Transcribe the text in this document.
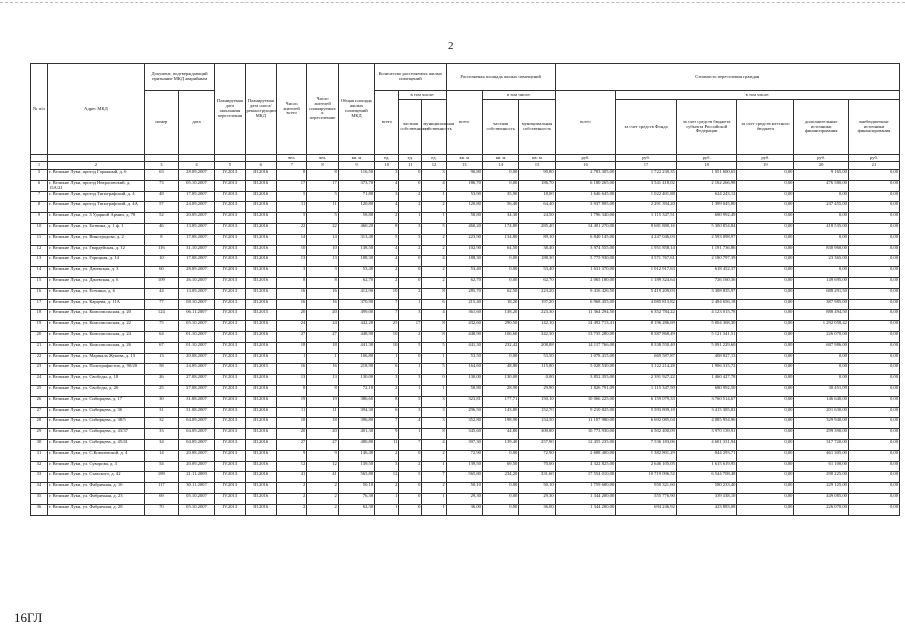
2
№ п/п	Адрес МКД	Документ, подтверждающий признание МКД аварийным		Планируемая дата окончания переселения	Планируемая дата сноса/ реконструкции МКД	Число жителей всего	Число жителей планируемых к переселению	Общая площадь жилых помещений МКД	Количество расселяемых жилых помещений			Расселяемая площадь жилых помещений			Стоимость переселения граждан					
		номер	дата						всего	в том числе:		всего	в том числе:		всего	в том числе:				
										частная собственность	муниципальная собственность		частная собственность	муниципальная собственность		за счет средств Фонда	за счет средств бюджета субъекта Российской Федерации	за счет средств местного бюджета	дополнительные источники финансирования	внебюджетные источники финансирования
						чел.	чел.	кв. м	ед.	ед.	ед.	кв. м	кв. м	кв. м	руб.	руб.	руб.	руб.	руб.	руб.
1	2	3	4	5	6	7	8	9	10	11	12	13	14	15	16	17	18	19	20	21
5	г. Великие Луки, проезд Гаражный, д. 6	63	28.09.2007	IV.2013	III.2016	8	8	116,50	3	0	3	90,80	0,00	90,80	2 783 305,00	1 722 239,35	1 051 600,65	0,00	9 165,00	0,00
6	г. Великие Луки, проезд Некрасовский, д. 15А/21	73	05.10.2007	IV.2013	III.2016	17	17	373,70	4	0	4	186,70	0,00	186,70	6 180 265,00	3 541 418,02	2 162 266,98	0,00	476 580,00	0,00
7	г. Великие Луки, проезд Типографский, д. 4	48	17.09.2007	IV.2013	III.2016	5	5	71,80	3	2	1	53,90	35,90	18,00	1 646 645,00	1 022 401,88	624 243,12	0,00	0,00	0,00
8	г. Великие Луки, проезд Типографский, д. 4А	57	24.09.2007	IV.2013	III.2016	11	11	120,80	4	2	2	120,80	56,40	64,40	3 937 895,00	2 291 394,20	1 399 045,80	0,00	247 455,00	0,00
9	г. Великие Луки, ул. 3 Ударной Армии, д. 78	52	20.09.2007	IV.2013	III.2016	5	5	58,80	2	1	1	58,80	34,30	24,50	1 796 340,00	1 115 347,51	680 992,49	0,00	0,00	0,00
10	г. Великие Луки, ул. Ботвина, д. 1 ф. 1	46	13.09.2007	IV.2013	III.2016	22	22	460,20	8	3	5	460,20	174,80	285,40	14 401 270,00	8 681 880,16	5 300 854,84	0,00	418 535,00	0,00
11	г. Великие Луки, ул. Виноградова, д. 2	8	17.08.2007	IV.2013	III.2016	14	14	313,40	5	3	2	223,90	134,80	89,10	6 840 145,00	4 247 046,03	2 593 098,97	0,00	0,00	0,00
12	г. Великие Луки, ул. Гвардейская, д. 12	116	31.10.2007	IV.2013	III.2016	10	10	138,50	4	2	2	102,90	64,50	38,40	3 974 555,00	1 951 858,14	1 191 736,86	0,00	830 960,00	0,00
13	г. Великие Луки, ул. Горицкая, д. 14	10	17.08.2007	IV.2013	III.2016	13	13	188,30	4	0	4	188,30	0,00	188,30	5 775 930,00	3 571 767,61	2 180 797,39	0,00	23 365,00	0,00
14	г. Великие Луки, ул. Дачевская, д. 3	60	28.09.2007	IV.2013	III.2016	3	3	53,40	2	0	2	53,40	0,00	53,40	1 631 370,00	1 012 917,63	618 452,37	0,00	0,00	0,00
15	г. Великие Луки, ул. Дачевская, д. 6	109	26.10.2007	IV.2013	III.2016	8	8	62,70	2	0	2	62,70	0,00	62,70	2 065 180,00	1 189 324,64	726 160,36	0,00	149 695,00	0,00
16	г. Великие Луки, ул. Есенина, д. 6	44	13.09.2007	IV.2013	III.2016	16	16	412,90	10	2	8	285,70	62,50	223,20	9 416 426,50	5 419 209,03	3 308 835,97	0,00	688 291,50	0,00
17	г. Великие Луки, ул. Карцева, д. 11А	77	08.10.2007	IV.2013	III.2016	16	16	370,90	7	1	6	215,40	18,20	197,20	6 968 455,00	4 085 813,82	2 494 656,18	0,00	387 985,00	0,00
18	г. Великие Луки, ул. Комсомольская, д. 20	124	06.11.2007	IV.2013	III.2015	20	20	499,00	7	3	4	361,60	138,20	223,30	11 364 294,50	6 352 784,22	4 123 015,78	0,00	888 494,50	0,00
19	г. Великие Луки, ул. Комсомольская, д. 22	75	05.10.2007	IV.2013	III.2016	24	24	442,20	25	17	8	432,60	290,50	142,10	14 492 713,41	8 196 286,69	5 004 368,30	0,00	1 292 058,42	0,00
20	г. Великие Луки, ул. Комсомольская, д. 24	64	01.10.2007	IV.2013	III.2016	27	27	448,90	10	2	8	448,90	106,60	342,30	13 735 280,00	8 387 868,49	5 121 341,51	0,00	226 070,00	0,00
21	г. Великие Луки, ул. Комсомольская, д. 26	67	01.10.2007	IV.2013	III.2016	18	18	441,30	10	5	5	441,30	232,42	208,88	14 117 766,00	8 338 550,40	5 091 229,60	0,00	687 986,00	0,00
22	г. Великие Луки, ул. Маршала Жукова, д. 13	13	20.08.2007	IV.2013	III.2016	1	1	106,80	1	0	1	53,50	0,00	53,50	1 078 415,00	669 587,87	408 827,13	0,00	0,00	0,00
23	г. Великие Луки, ул. Полиграфистов, д. 90/20	58	24.09.2007	IV.2013	III.2015	16	16	218,90	6	1	5	164,60	48,80	115,80	5 028 530,00	3 122 214,28	1 906 315,72	0,00	0,00	0,00
24	г. Великие Луки, ул. Свободы, д. 18	26	27.08.2007	IV.2013	III.2016	13	13	130,00	3	3	0	130,00	130,00	0,00	3 852 355,00	2 391 927,22	1 460 427,78	0,00	0,00	0,00
25	г. Великие Луки, ул. Свободы, д. 26	25	27.08.2007	IV.2013	III.2016	8	8	72,10	2	1	1	58,80	28,90	29,90	1 826 791,09	1 115 347,50	680 992,50	0,00	30 451,09	0,00
26	г. Великие Луки, ул. Сибирцева, д. 17	30	31.08.2007	IV.2013	III.2016	19	19	386,60	8	5	3	323,81	177,71	150,10	10 066 225,00	6 159 079,33	3 760 514,67	0,00	146 640,00	0,00
27	г. Великие Луки, ул. Сибирцева, д. 36	31	31.08.2007	IV.2013	III.2016	11	11	394,30	6	3	3	296,50	143,80	152,70	9 210 825,00	5 593 809,18	3 415 385,82	0,00	201 630,00	0,00
28	г. Великие Луки, ул. Сибирцева, д. 38/5	32	04.09.2007	IV.2013	III.2016	18	18	396,80	7	4	3	352,80	198,90	154,50	11 107 980,00	6 692 085,04	4 085 954,96	0,00	329 940,00	0,00
29	г. Великие Луки, ул. Сибирцева, д. 43/37	33	04.09.2007	IV.2013	III.2016	20	20	401,30	9	1	8	345,60	44,80	300,80	10 773 930,00	6 502 400,09	3 970 139,91	0,00	299 390,00	0,00
30	г. Великие Луки, ул. Сибирцева, д. 45/41	34	04.09.2007	IV.2013	III.2016	27	27	480,80	11	7	4	397,30	139,40	257,90	12 455 235,00	7 536 183,06	4 601 331,94	0,00	317 720,00	0,00
31	г. Великие Луки, ул. С.Ковалевской, д. 4	14	20.08.2007	IV.2013	III.2016	9	9	146,40	2	0	2	72,90	0,00	72,90	2 688 400,00	1 382 801,29	844 293,71	0,00	461 305,00	0,00
32	г. Великие Луки, ул. Суворова, д. 3	54	20.09.2007	IV.2013	III.2016	12	12	139,50	3	2	1	139,50	69,50	70,00	4 322 825,00	2 646 105,05	1 615 619,95	0,00	61 100,00	0,00
33	г. Великие Луки, ул. Ставского, д. 42	189	21.11.2009	IV.2013	III.2016	41	41	565,80	12	5	7	565,80	234,20	331,60	17 554 010,00	10 719 096,52	6 544 708,48	0,00	290 225,00	0,00
34	г. Великие Луки, ул. Фабричная, д. 16	117	30.11.2007	IV.2013	III.2016	2	2	50,10	2	0	2	50,10	0,00	50,10	1 759 680,00	950 321,60	580 233,40	0,00	229 125,00	0,00
35	г. Великие Луки, ул. Фабричная, д. 23	69	05.10.2007	IV.2013	III.2016	2	2	76,30	1	0	1	29,30	0,00	29,30	1 344 200,00	555 776,90	339 338,10	0,00	449 085,00	0,00
36	г. Великие Луки, ул. Фабричная, д. 28	70	05.10.2007	IV.2013	III.2016	2	2	62,30	1	0	1	36,00	0,00	36,00	1 344 200,00	694 246,92	423 883,08	0,00	226 070,00	0,00
16ГЛ
